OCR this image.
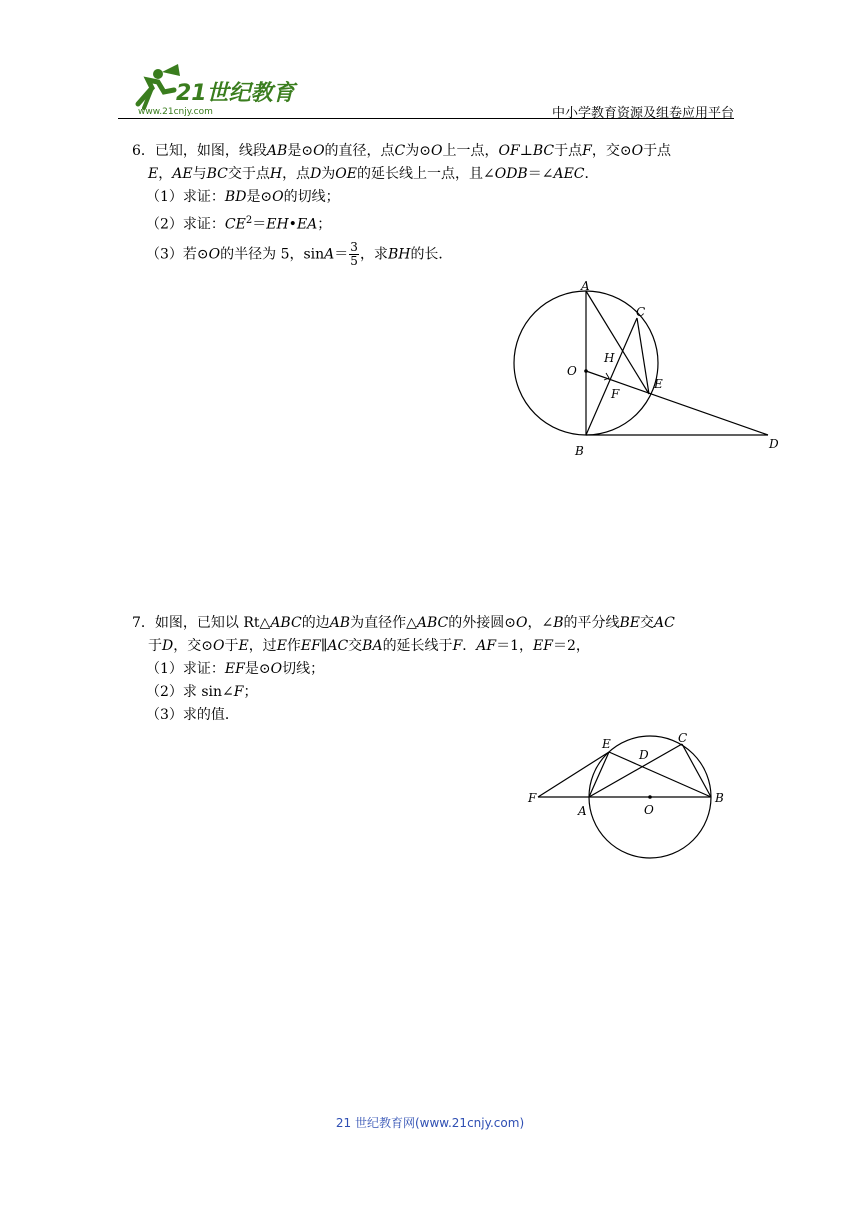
21世纪教育
www.21cnjy.com	中小学教育资源及组卷应用平台

6．已知，如图，线段AB是⊙O的直径，点C为⊙O上一点，OF⊥BC于点F，交⊙O于点

E，AE与BC交于点H，点D为OE的延长线上一点，且∠ODB＝∠AEC．

（1）求证：BD是⊙O的切线；

（2）求证：$CE^2=EH•EA$；

（3）若⊙O的半径为 5，$\sin A= \frac{3}{5}$ ，求BH的长．

A
C
O
H
E
F
B	D

7．如图，已知以 Rt△ABC的边AB为直径作△ABC的外接圆⊙O，∠B的平分线BE交AC

于D，交⊙O于E，过E作EF∥AC交BA的延长线于F．AF＝1，EF＝2，

（1）求证：EF是⊙O切线；

（2）求 sin∠F；

（3）求的值．

E
D
C
F
A	O
B
21 世纪教育网(www.21cnjy.com)
